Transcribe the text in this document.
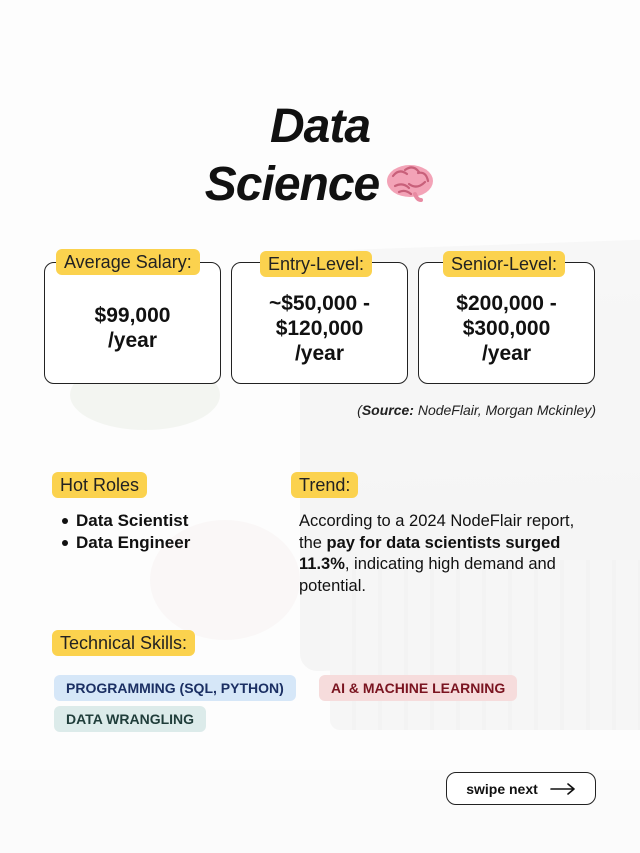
Data
Science
$99,000
/year
~$50,000 -
$120,000
/year
$200,000 -
$300,000
/year
Average Salary:	Entry-Level:	Senior-Level:
(Source: NodeFlair, Morgan Mckinley)
Hot Roles
Data Scientist
Data Engineer
Trend:
According to a 2024 NodeFlair report, the pay for data scientists surged 11.3%, indicating high demand and potential.
Technical Skills:
PROGRAMMING (SQL, PYTHON)	AI & MACHINE LEARNING
DATA WRANGLING
swipe next
